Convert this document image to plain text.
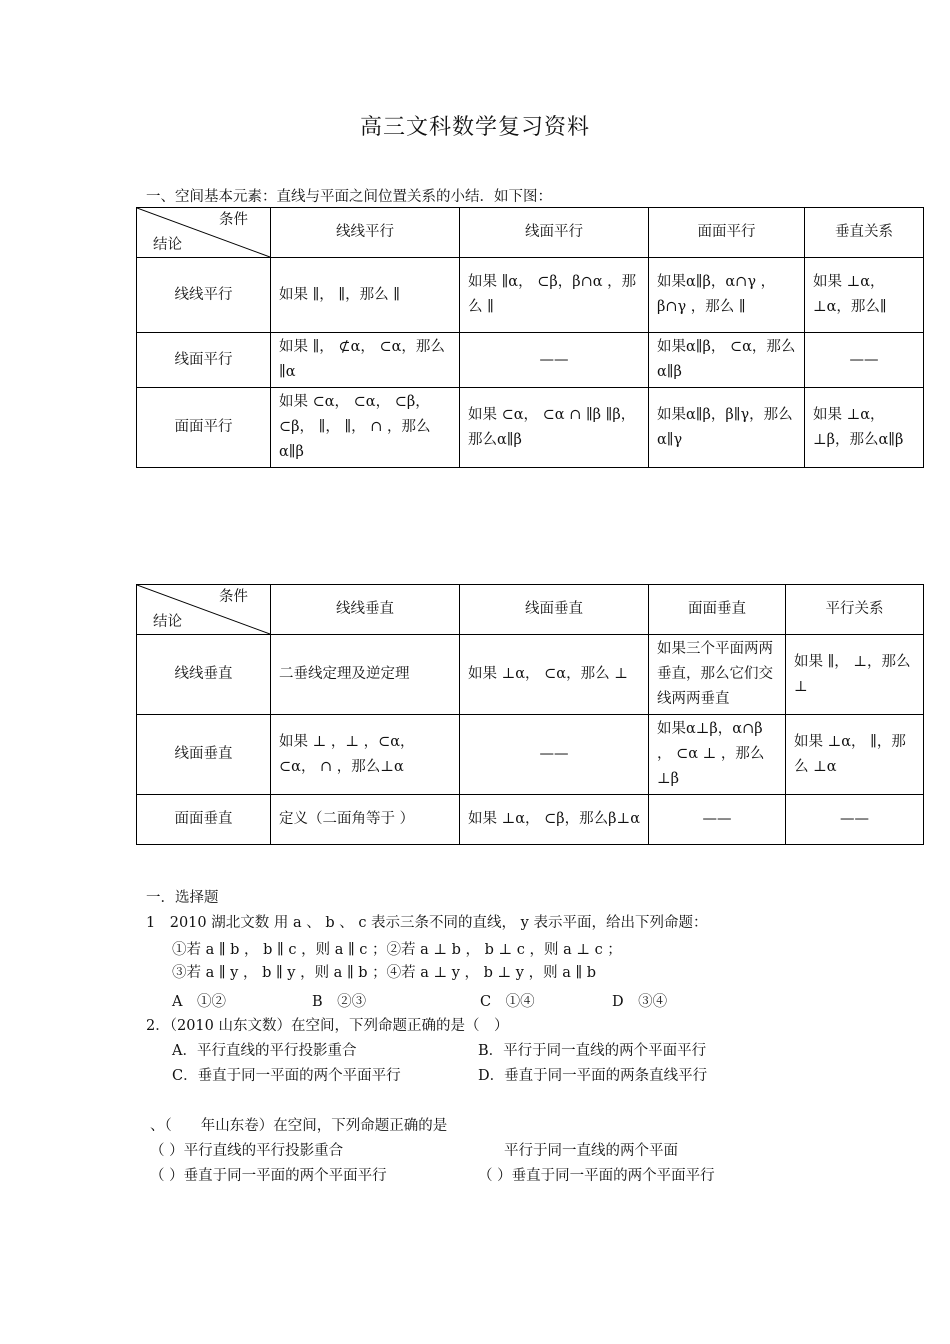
高三文科数学复习资料
一、空间基本元素：直线与平面之间位置关系的小结．如下图：
条件
结论	线线平行	线面平行	面面平行	垂直关系
线线平行	如果 ∥， ∥，那么 ∥	如果 ∥α， ⊂β，β∩α ，那么 ∥	如果α∥β，α∩γ ，β∩γ ，那么 ∥	如果 ⊥α，⊥α，那么∥
线面平行	如果 ∥， ⊄α， ⊂α，那么 ∥α	——	如果α∥β， ⊂α，那么α∥β	——
面面平行	如果 ⊂α， ⊂α， ⊂β， ⊂β， ∥， ∥， ∩ ，那么α∥β	如果 ⊂α， ⊂α ∩ ∥β ∥β，那么α∥β	如果α∥β，β∥γ，那么α∥γ	如果 ⊥α，⊥β，那么α∥β
条件
结论	线线垂直	线面垂直	面面垂直	平行关系
线线垂直	二垂线定理及逆定理	如果 ⊥α， ⊂α，那么 ⊥	如果三个平面两两垂直，那么它们交线两两垂直	如果 ∥， ⊥，那么 ⊥
线面垂直	如果 ⊥ ，⊥ ，⊂α， ⊂α， ∩ ，那么⊥α	——	如果α⊥β，α∩β ， ⊂α ⊥ ，那么 ⊥β	如果 ⊥α， ∥，那么 ⊥α
面面垂直	定义（二面角等于 ）	如果 ⊥α， ⊂β，那么β⊥α	——	——
一．选择题
1　2010 湖北文数 用 a 、 b 、 c 表示三条不同的直线， y 表示平面，给出下列命题：
①若 a ∥ b ， b ∥ c ，则 a ∥ c ；②若 a ⊥ b ， b ⊥ c ，则 a ⊥ c ；
③若 a ∥ y ， b ∥ y ，则 a ∥ b ；④若 a ⊥ y ， b ⊥ y ，则 a ∥ b
A　①②	B　②③	C　①④	D　③④
2．（2010 山东文数）在空间，下列命题正确的是（　）
A．平行直线的平行投影重合	B．平行于同一直线的两个平面平行
C．垂直于同一平面的两个平面平行	D．垂直于同一平面的两条直线平行
、（　　年山东卷）在空间，下列命题正确的是
（ ）平行直线的平行投影重合	平行于同一直线的两个平面
（ ）垂直于同一平面的两个平面平行	（ ）垂直于同一平面的两个平面平行
